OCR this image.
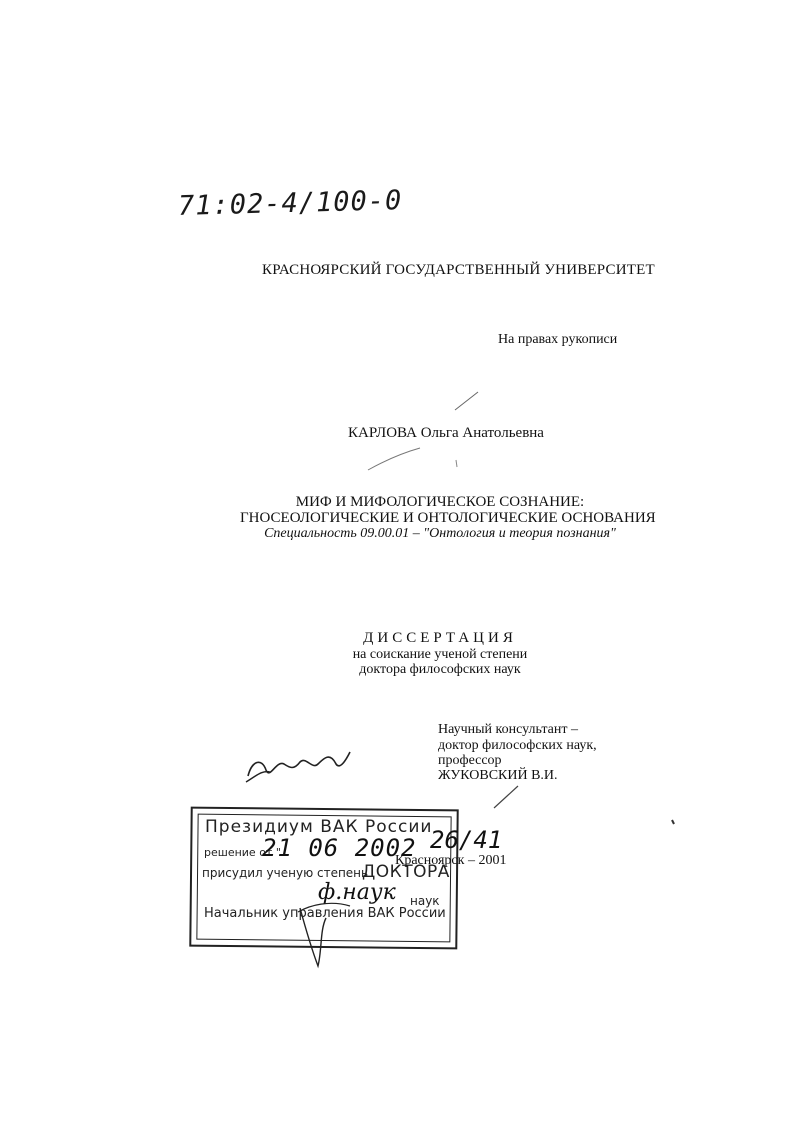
71:02-4/100-0
КРАСНОЯРСКИЙ ГОСУДАРСТВЕННЫЙ УНИВЕРСИТЕТ
На правах рукописи
КАРЛОВА Ольга Анатольевна
МИФ И МИФОЛОГИЧЕСКОЕ СОЗНАНИЕ:
ГНОСЕОЛОГИЧЕСКИЕ И ОНТОЛОГИЧЕСКИЕ ОСНОВАНИЯ
Специальность 09.00.01 – "Онтология и теория познания"
ДИССЕРТАЦИЯ
на соискание ученой степени
доктора философских наук
Научный консультант –
доктор философских наук,
профессор
ЖУКОВСКИЙ В.И.
Президиум ВАК России
решение от "
присудил ученую степень
ДОКТОРА
наук
Начальник управления ВАК России
Красноярск – 2001
21 06 2002 26/41
ф.наук
